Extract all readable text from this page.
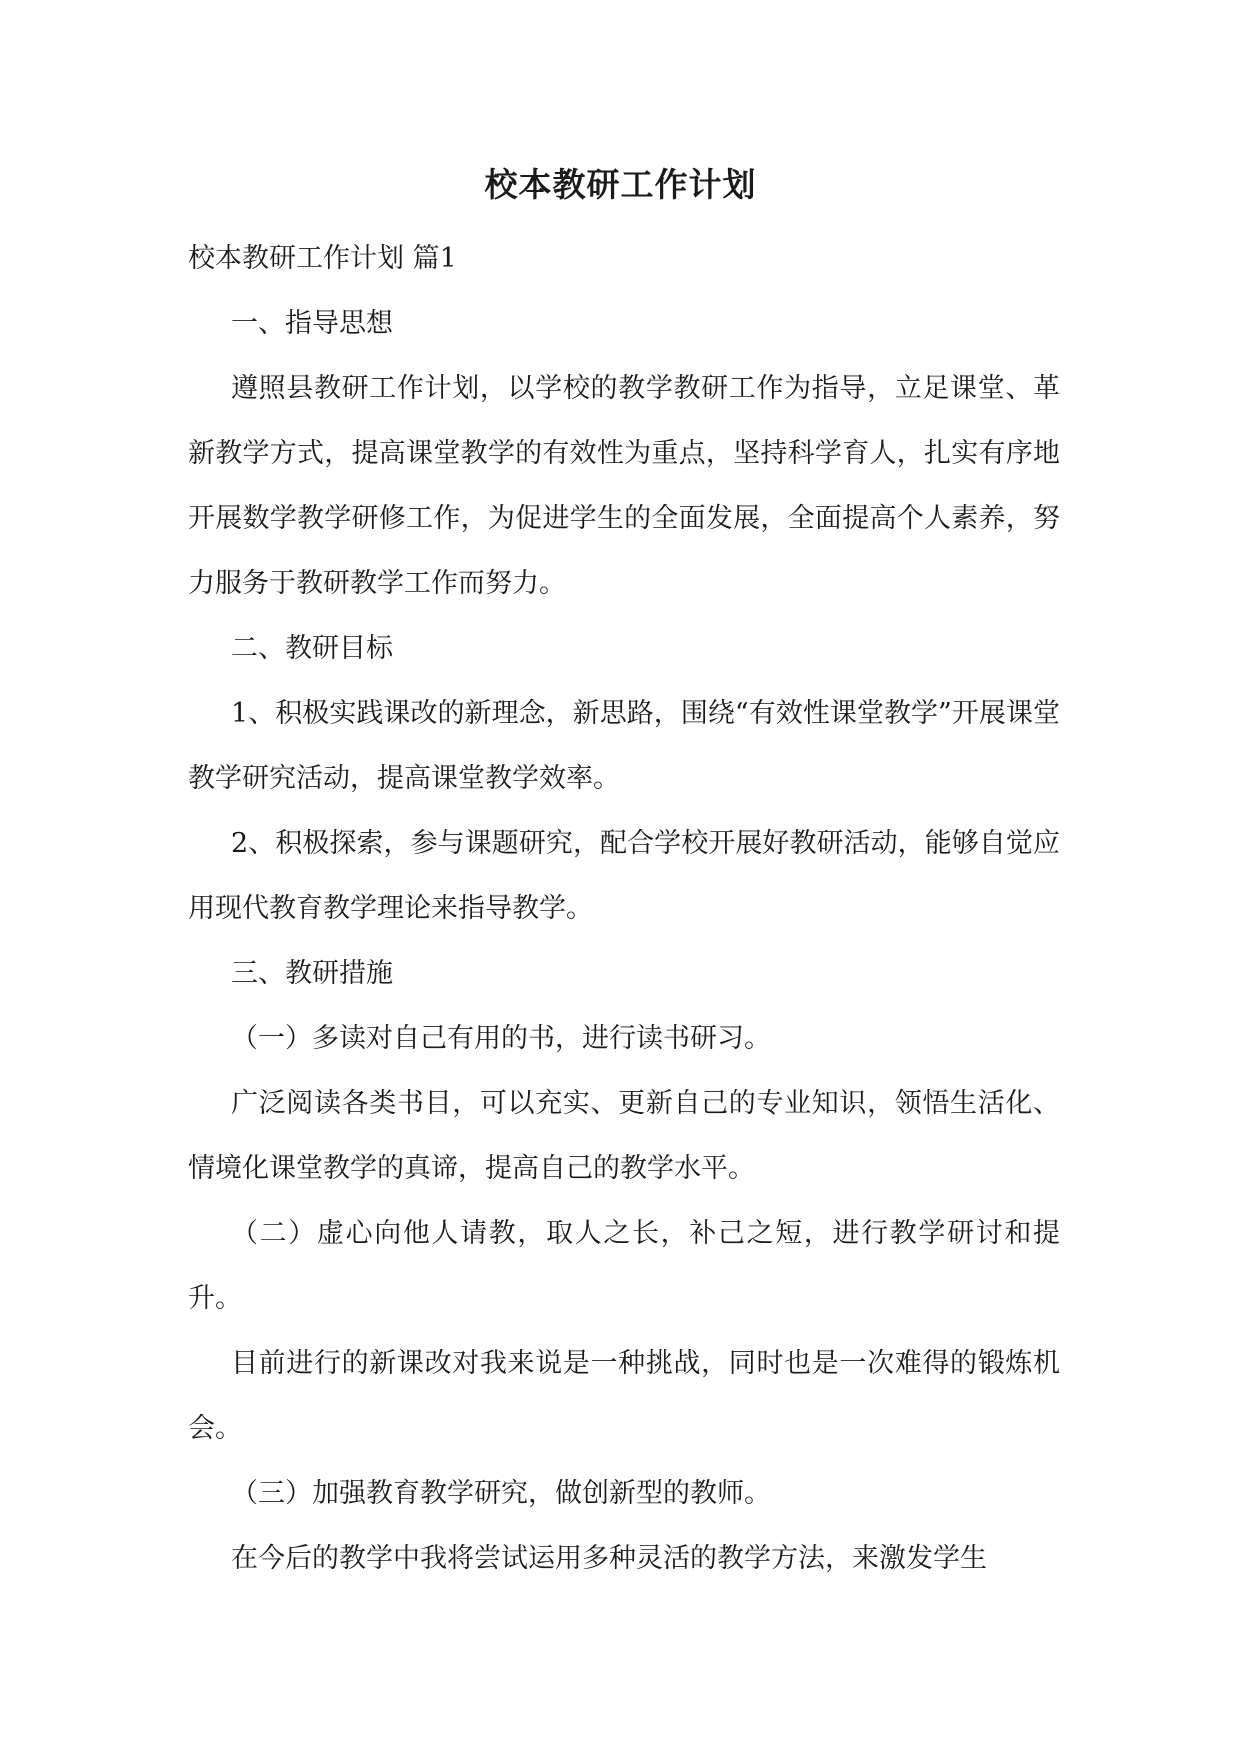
校本教研工作计划

校本教研工作计划 篇1

一、指导思想

遵照县教研工作计划，以学校的教学教研工作为指导，立足课堂、革新教学方式，提高课堂教学的有效性为重点，坚持科学育人，扎实有序地开展数学教学研修工作，为促进学生的全面发展，全面提高个人素养，努力服务于教研教学工作而努力。

二、教研目标

1、积极实践课改的新理念，新思路，围绕“有效性课堂教学”开展课堂教学研究活动，提高课堂教学效率。

2、积极探索，参与课题研究，配合学校开展好教研活动，能够自觉应用现代教育教学理论来指导教学。

三、教研措施

（一）多读对自己有用的书，进行读书研习。

广泛阅读各类书目，可以充实、更新自己的专业知识，领悟生活化、情境化课堂教学的真谛，提高自己的教学水平。

（二）虚心向他人请教，取人之长，补己之短，进行教学研讨和提升。

目前进行的新课改对我来说是一种挑战，同时也是一次难得的锻炼机会。

（三）加强教育教学研究，做创新型的教师。

在今后的教学中我将尝试运用多种灵活的教学方法，来激发学生
